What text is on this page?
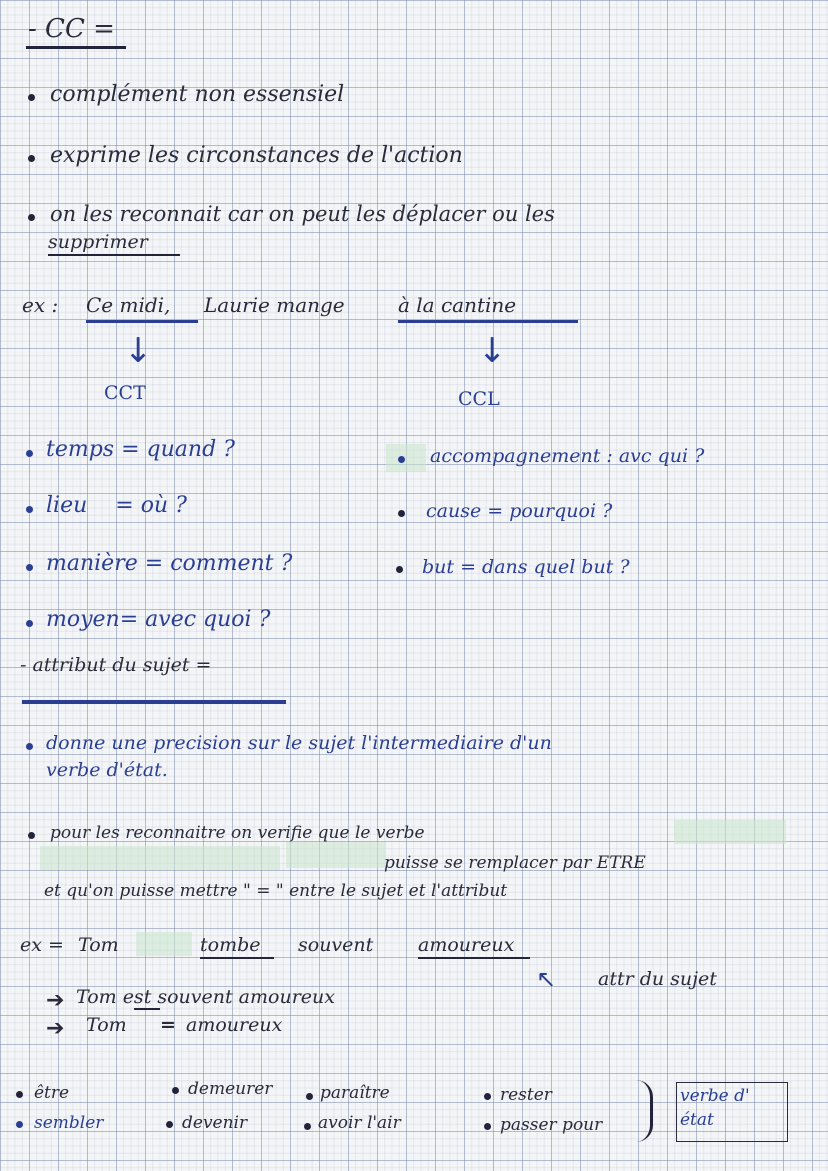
- CC =
complément non essensiel
exprime les circonstances de l'action
on les reconnait car on peut les déplacer ou les
supprimer
ex : Ce midi, Laurie mange	à la cantine
↓	↓
CCT	CCL
temps = quand ?
lieu = où ?
manière = comment ?
moyen= avec quoi ?
accompagnement : avc qui ?
cause = pourquoi ?
but = dans quel but ?
- attribut du sujet =
donne une precision sur le sujet l'intermediaire d'un
verbe d'état.
pour les reconnaitre on verifie que le verbe
puisse se remplacer par ETRE
et qu'on puisse mettre " = " entre le sujet et l'attribut
ex = Tom	tombe souvent amoureux
↖ attr du sujet
➔ Tom est souvent amoureux
➔ Tom = amoureux
être
sembler
demeurer
devenir
paraître
avoir l'air
rester
passer pour
verbe d' état
